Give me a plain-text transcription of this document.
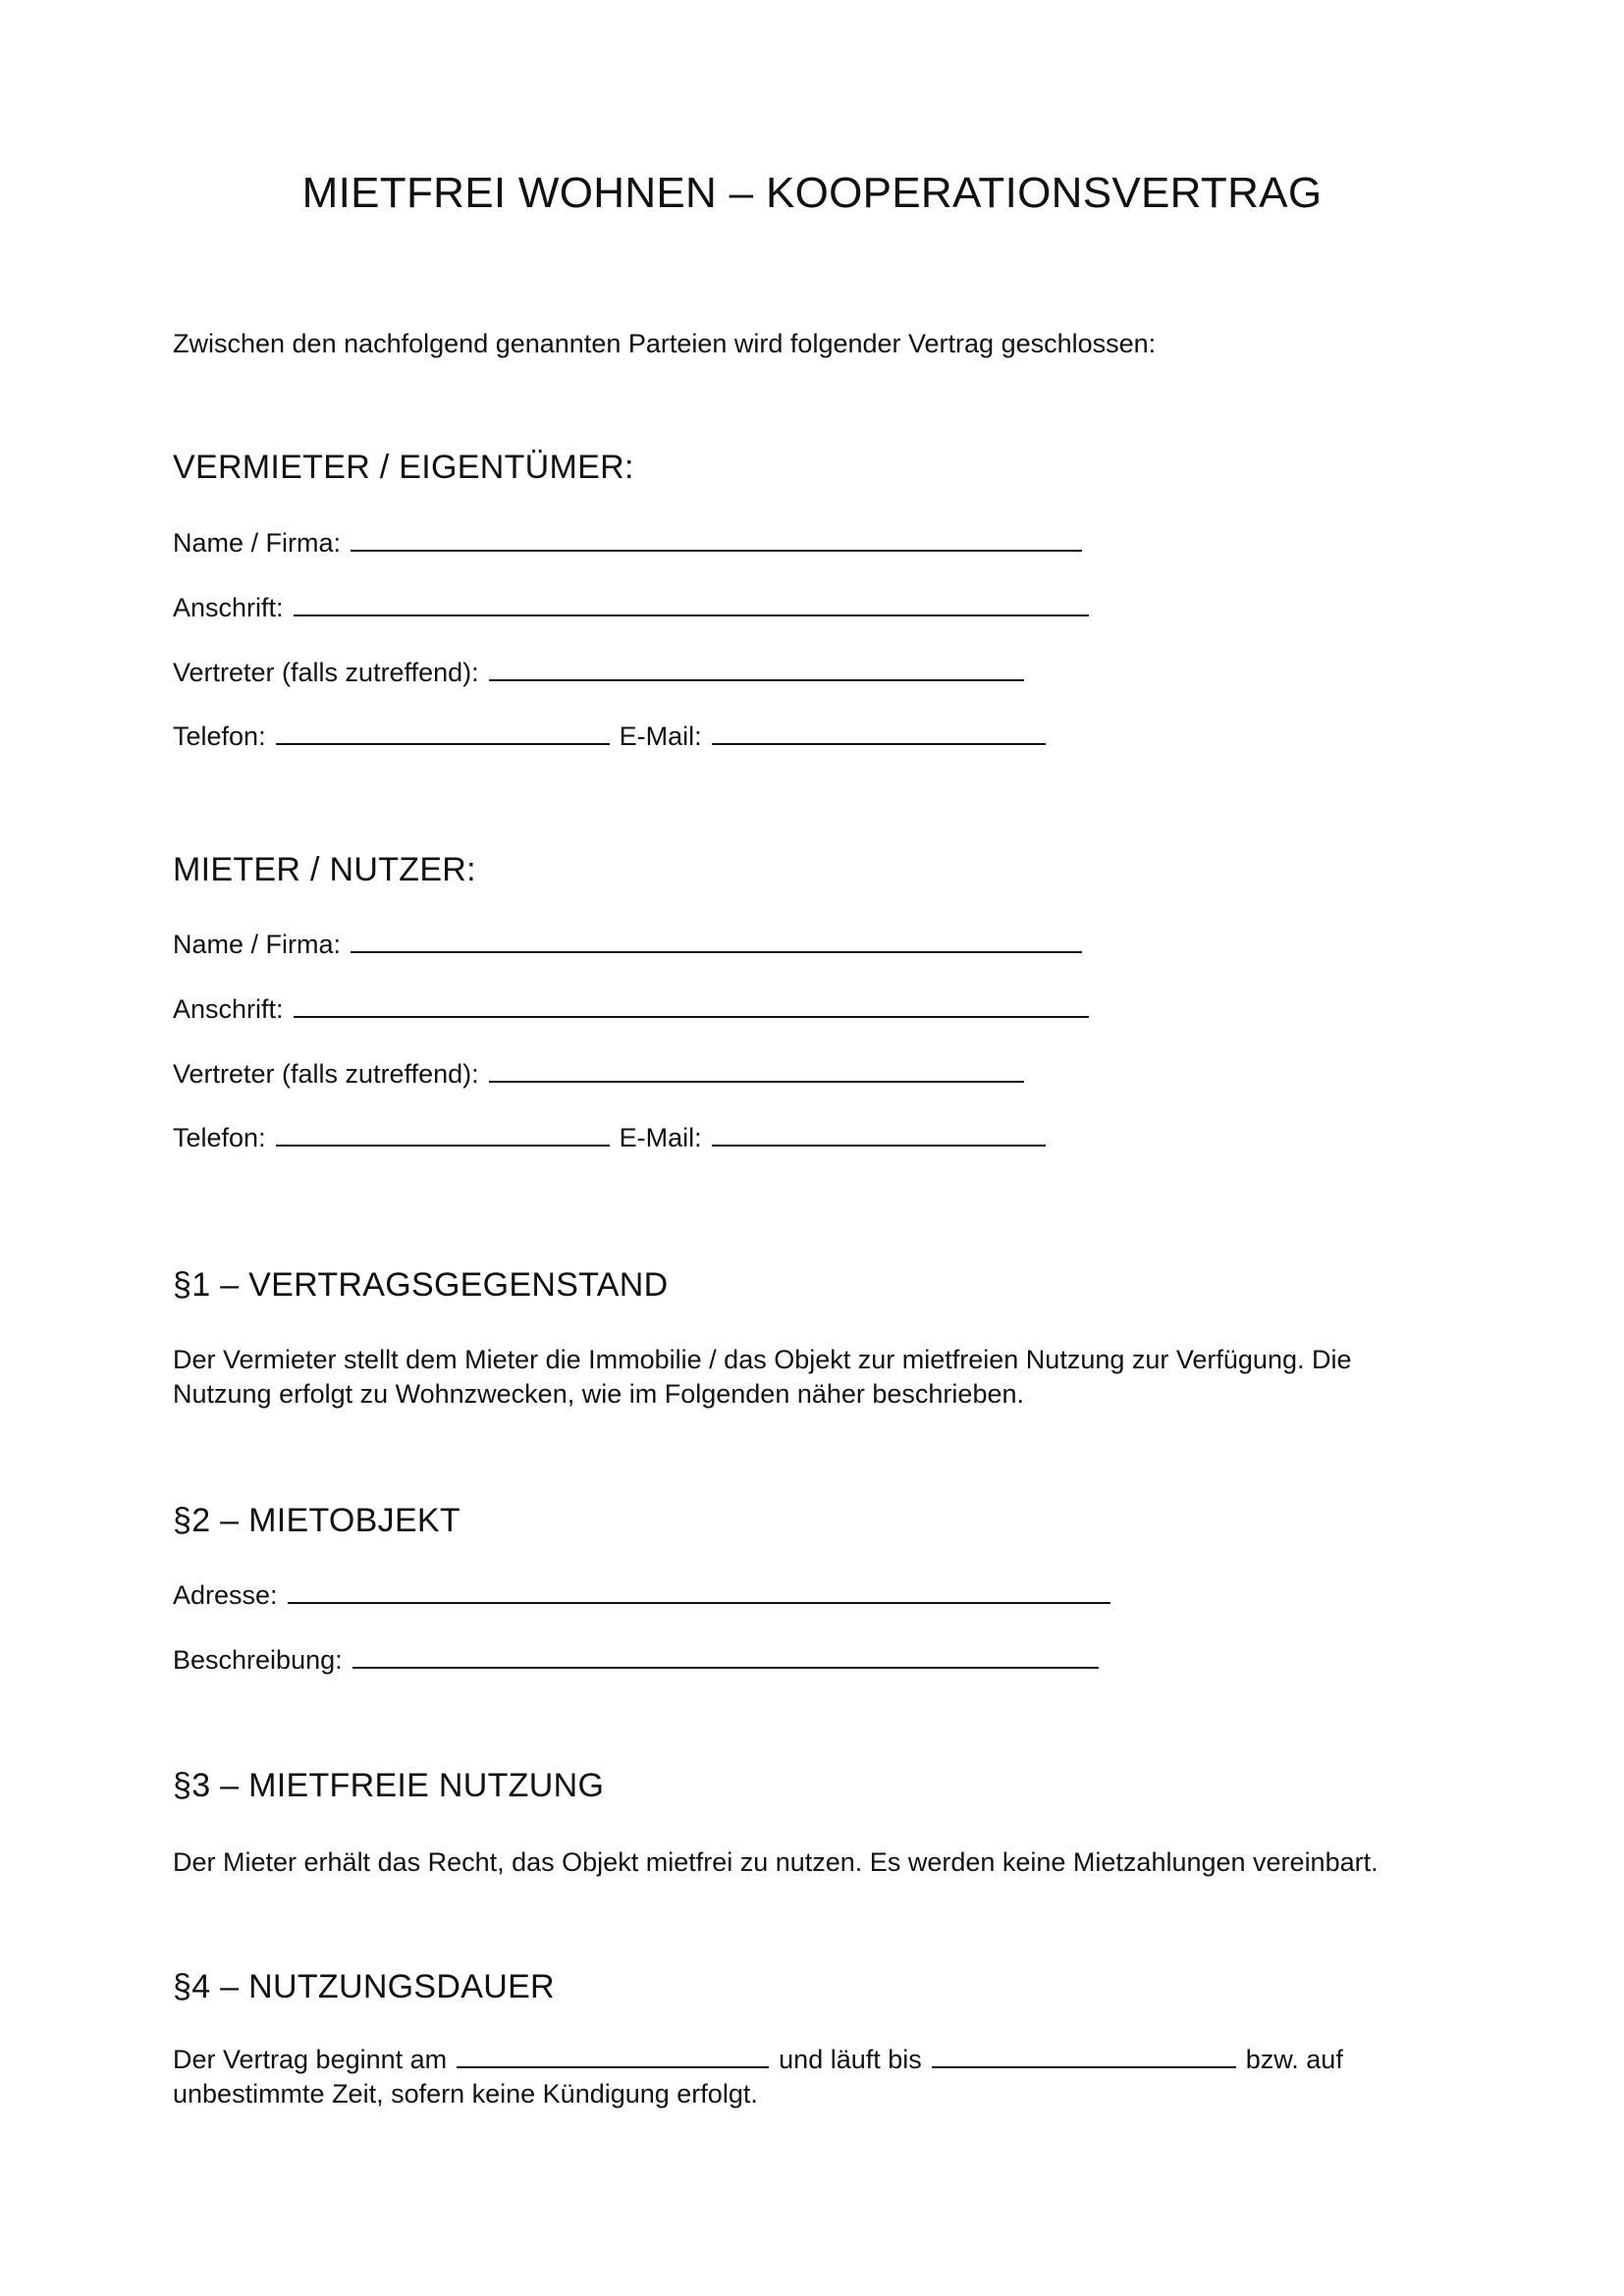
MIETFREI WOHNEN – KOOPERATIONSVERTRAG
Zwischen den nachfolgend genannten Parteien wird folgender Vertrag geschlossen:
VERMIETER / EIGENTÜMER:
Name / Firma:
Anschrift:
Vertreter (falls zutreffend):
Telefon:	E-Mail:
MIETER / NUTZER:
Name / Firma:
Anschrift:
Vertreter (falls zutreffend):
Telefon:	E-Mail:
§1 – VERTRAGSGEGENSTAND
Der Vermieter stellt dem Mieter die Immobilie / das Objekt zur mietfreien Nutzung zur Verfügung. Die Nutzung erfolgt zu Wohnzwecken, wie im Folgenden näher beschrieben.
§2 – MIETOBJEKT
Adresse:
Beschreibung:
§3 – MIETFREIE NUTZUNG
Der Mieter erhält das Recht, das Objekt mietfrei zu nutzen. Es werden keine Mietzahlungen vereinbart.
§4 – NUTZUNGSDAUER
Der Vertrag beginnt am	und läuft bis	bzw. auf
unbestimmte Zeit, sofern keine Kündigung erfolgt.
